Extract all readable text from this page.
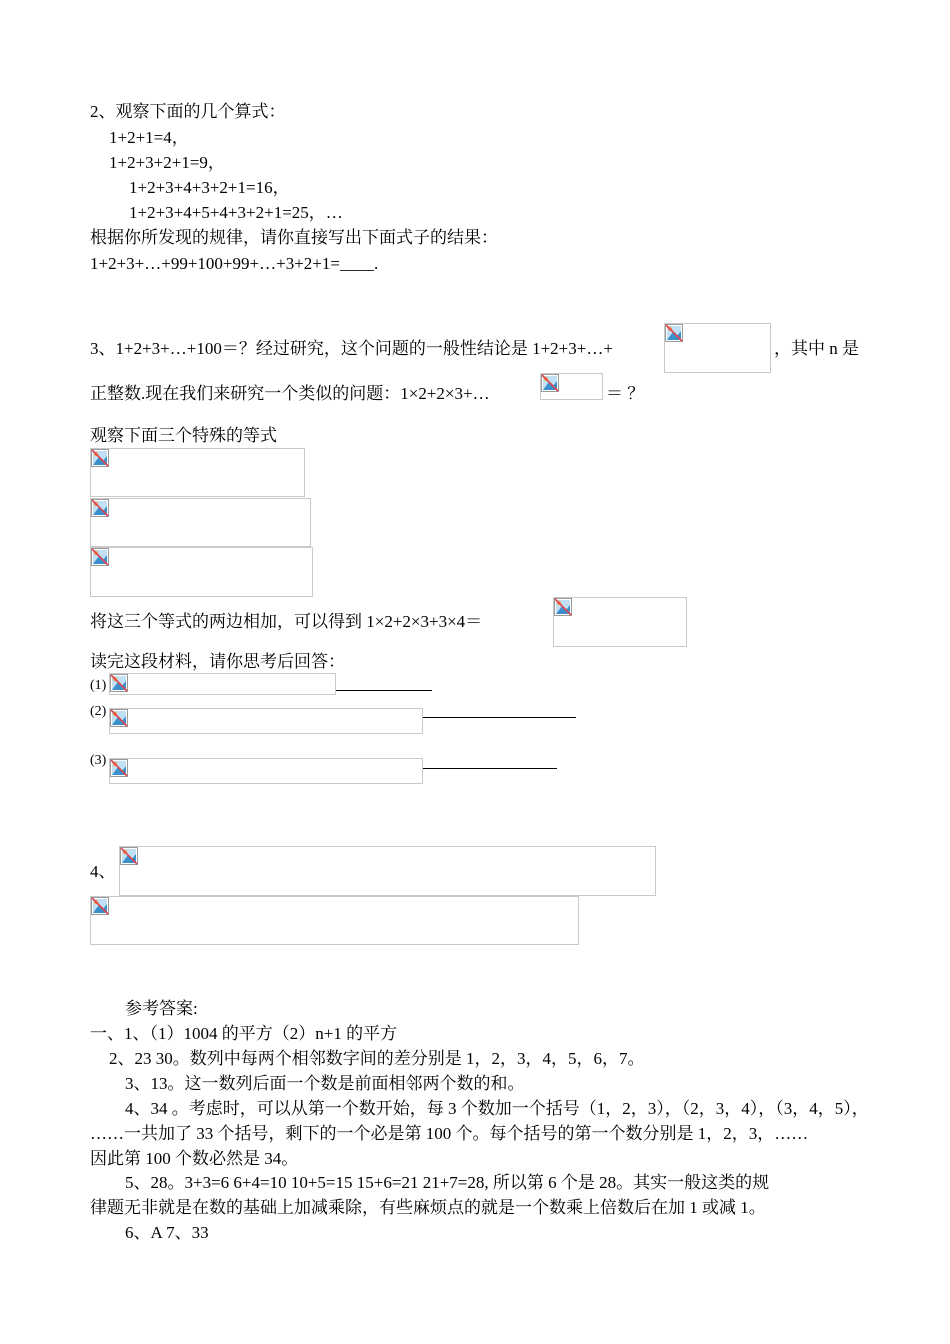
2、观察下面的几个算式：
1+2+1=4，
1+2+3+2+1=9，
1+2+3+4+3+2+1=16，
1+2+3+4+5+4+3+2+1=25，…
根据你所发现的规律，请你直接写出下面式子的结果：
1+2+3+…+99+100+99+…+3+2+1=____.
3、1+2+3+…+100＝？经过研究，这个问题的一般性结论是 1+2+3+…+	，其中 n 是
正整数.现在我们来研究一个类似的问题：1×2+2×3+…	＝ ？
观察下面三个特殊的等式
将这三个等式的两边相加，可以得到 1×2+2×3+3×4＝
读完这段材料，请你思考后回答：
(1)
(2)
(3)
4、
参考答案:
一、1、（1）1004 的平方（2）n+1 的平方
2、23 30。数列中每两个相邻数字间的差分别是 1，2，3，4，5，6，7。
3、13。这一数列后面一个数是前面相邻两个数的和。
4、34 。考虑时，可以从第一个数开始，每 3 个数加一个括号（1，2，3），（2，3，4），（3，4，5），
……一共加了 33 个括号，剩下的一个必是第 100 个。每个括号的第一个数分别是 1，2，3，……
因此第 100 个数必然是 34。
5、28。3+3=6 6+4=10 10+5=15 15+6=21 21+7=28, 所以第 6 个是 28。其实一般这类的规
律题无非就是在数的基础上加减乘除，有些麻烦点的就是一个数乘上倍数后在加 1 或减 1。
6、A 7、33
